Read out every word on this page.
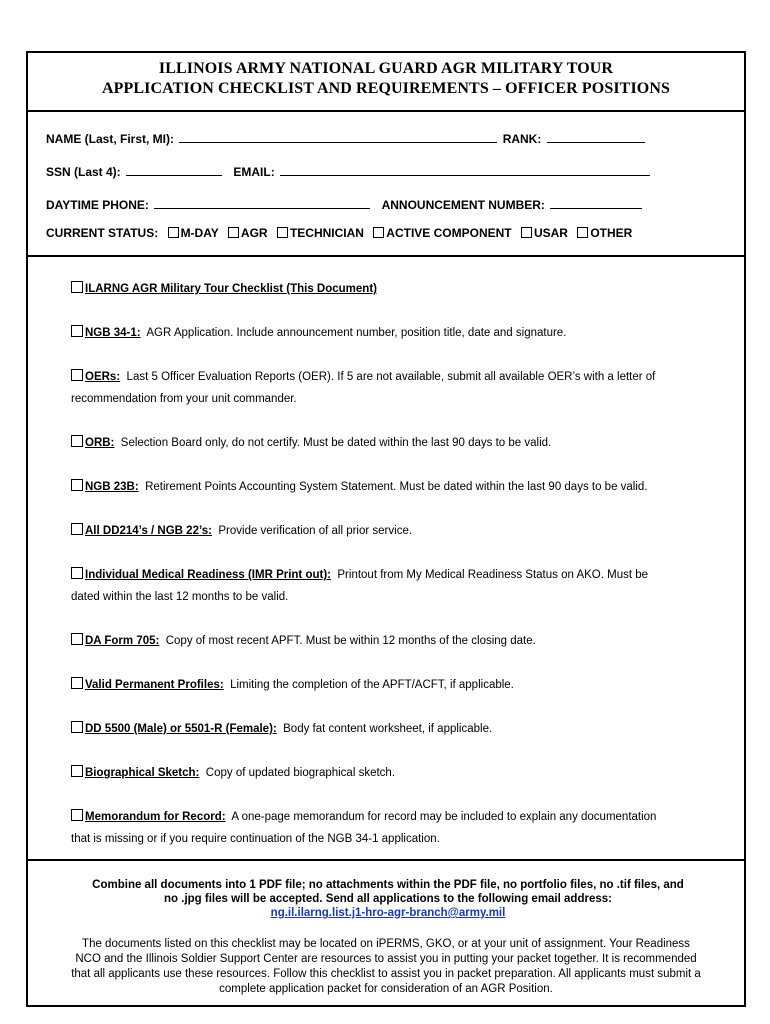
ILLINOIS ARMY NATIONAL GUARD AGR MILITARY TOUR
APPLICATION CHECKLIST AND REQUIREMENTS – OFFICER POSITIONS
NAME (Last, First, MI):	RANK:
SSN (Last 4):	EMAIL:
DAYTIME PHONE:	ANNOUNCEMENT NUMBER:
CURRENT STATUS: M-DAY AGR TECHNICIAN ACTIVE COMPONENT USAR OTHER
ILARNG AGR Military Tour Checklist (This Document)
NGB 34-1: AGR Application. Include announcement number, position title, date and signature.
OERs: Last 5 Officer Evaluation Reports (OER). If 5 are not available, submit all available OER’s with a letter of
recommendation from your unit commander.
ORB: Selection Board only, do not certify. Must be dated within the last 90 days to be valid.
NGB 23B: Retirement Points Accounting System Statement. Must be dated within the last 90 days to be valid.
All DD214’s / NGB 22’s: Provide verification of all prior service.
Individual Medical Readiness (IMR Print out): Printout from My Medical Readiness Status on AKO. Must be
dated within the last 12 months to be valid.
DA Form 705: Copy of most recent APFT. Must be within 12 months of the closing date.
Valid Permanent Profiles: Limiting the completion of the APFT/ACFT, if applicable.
DD 5500 (Male) or 5501-R (Female): Body fat content worksheet, if applicable.
Biographical Sketch: Copy of updated biographical sketch.
Memorandum for Record: A one-page memorandum for record may be included to explain any documentation
that is missing or if you require continuation of the NGB 34-1 application.
Combine all documents into 1 PDF file; no attachments within the PDF file, no portfolio files, no .tif files, and
no .jpg files will be accepted. Send all applications to the following email address:
ng.il.ilarng.list.j1-hro-agr-branch@army.mil
The documents listed on this checklist may be located on iPERMS, GKO, or at your unit of assignment. Your Readiness
NCO and the Illinois Soldier Support Center are resources to assist you in putting your packet together. It is recommended
that all applicants use these resources. Follow this checklist to assist you in packet preparation. All applicants must submit a
complete application packet for consideration of an AGR Position.
